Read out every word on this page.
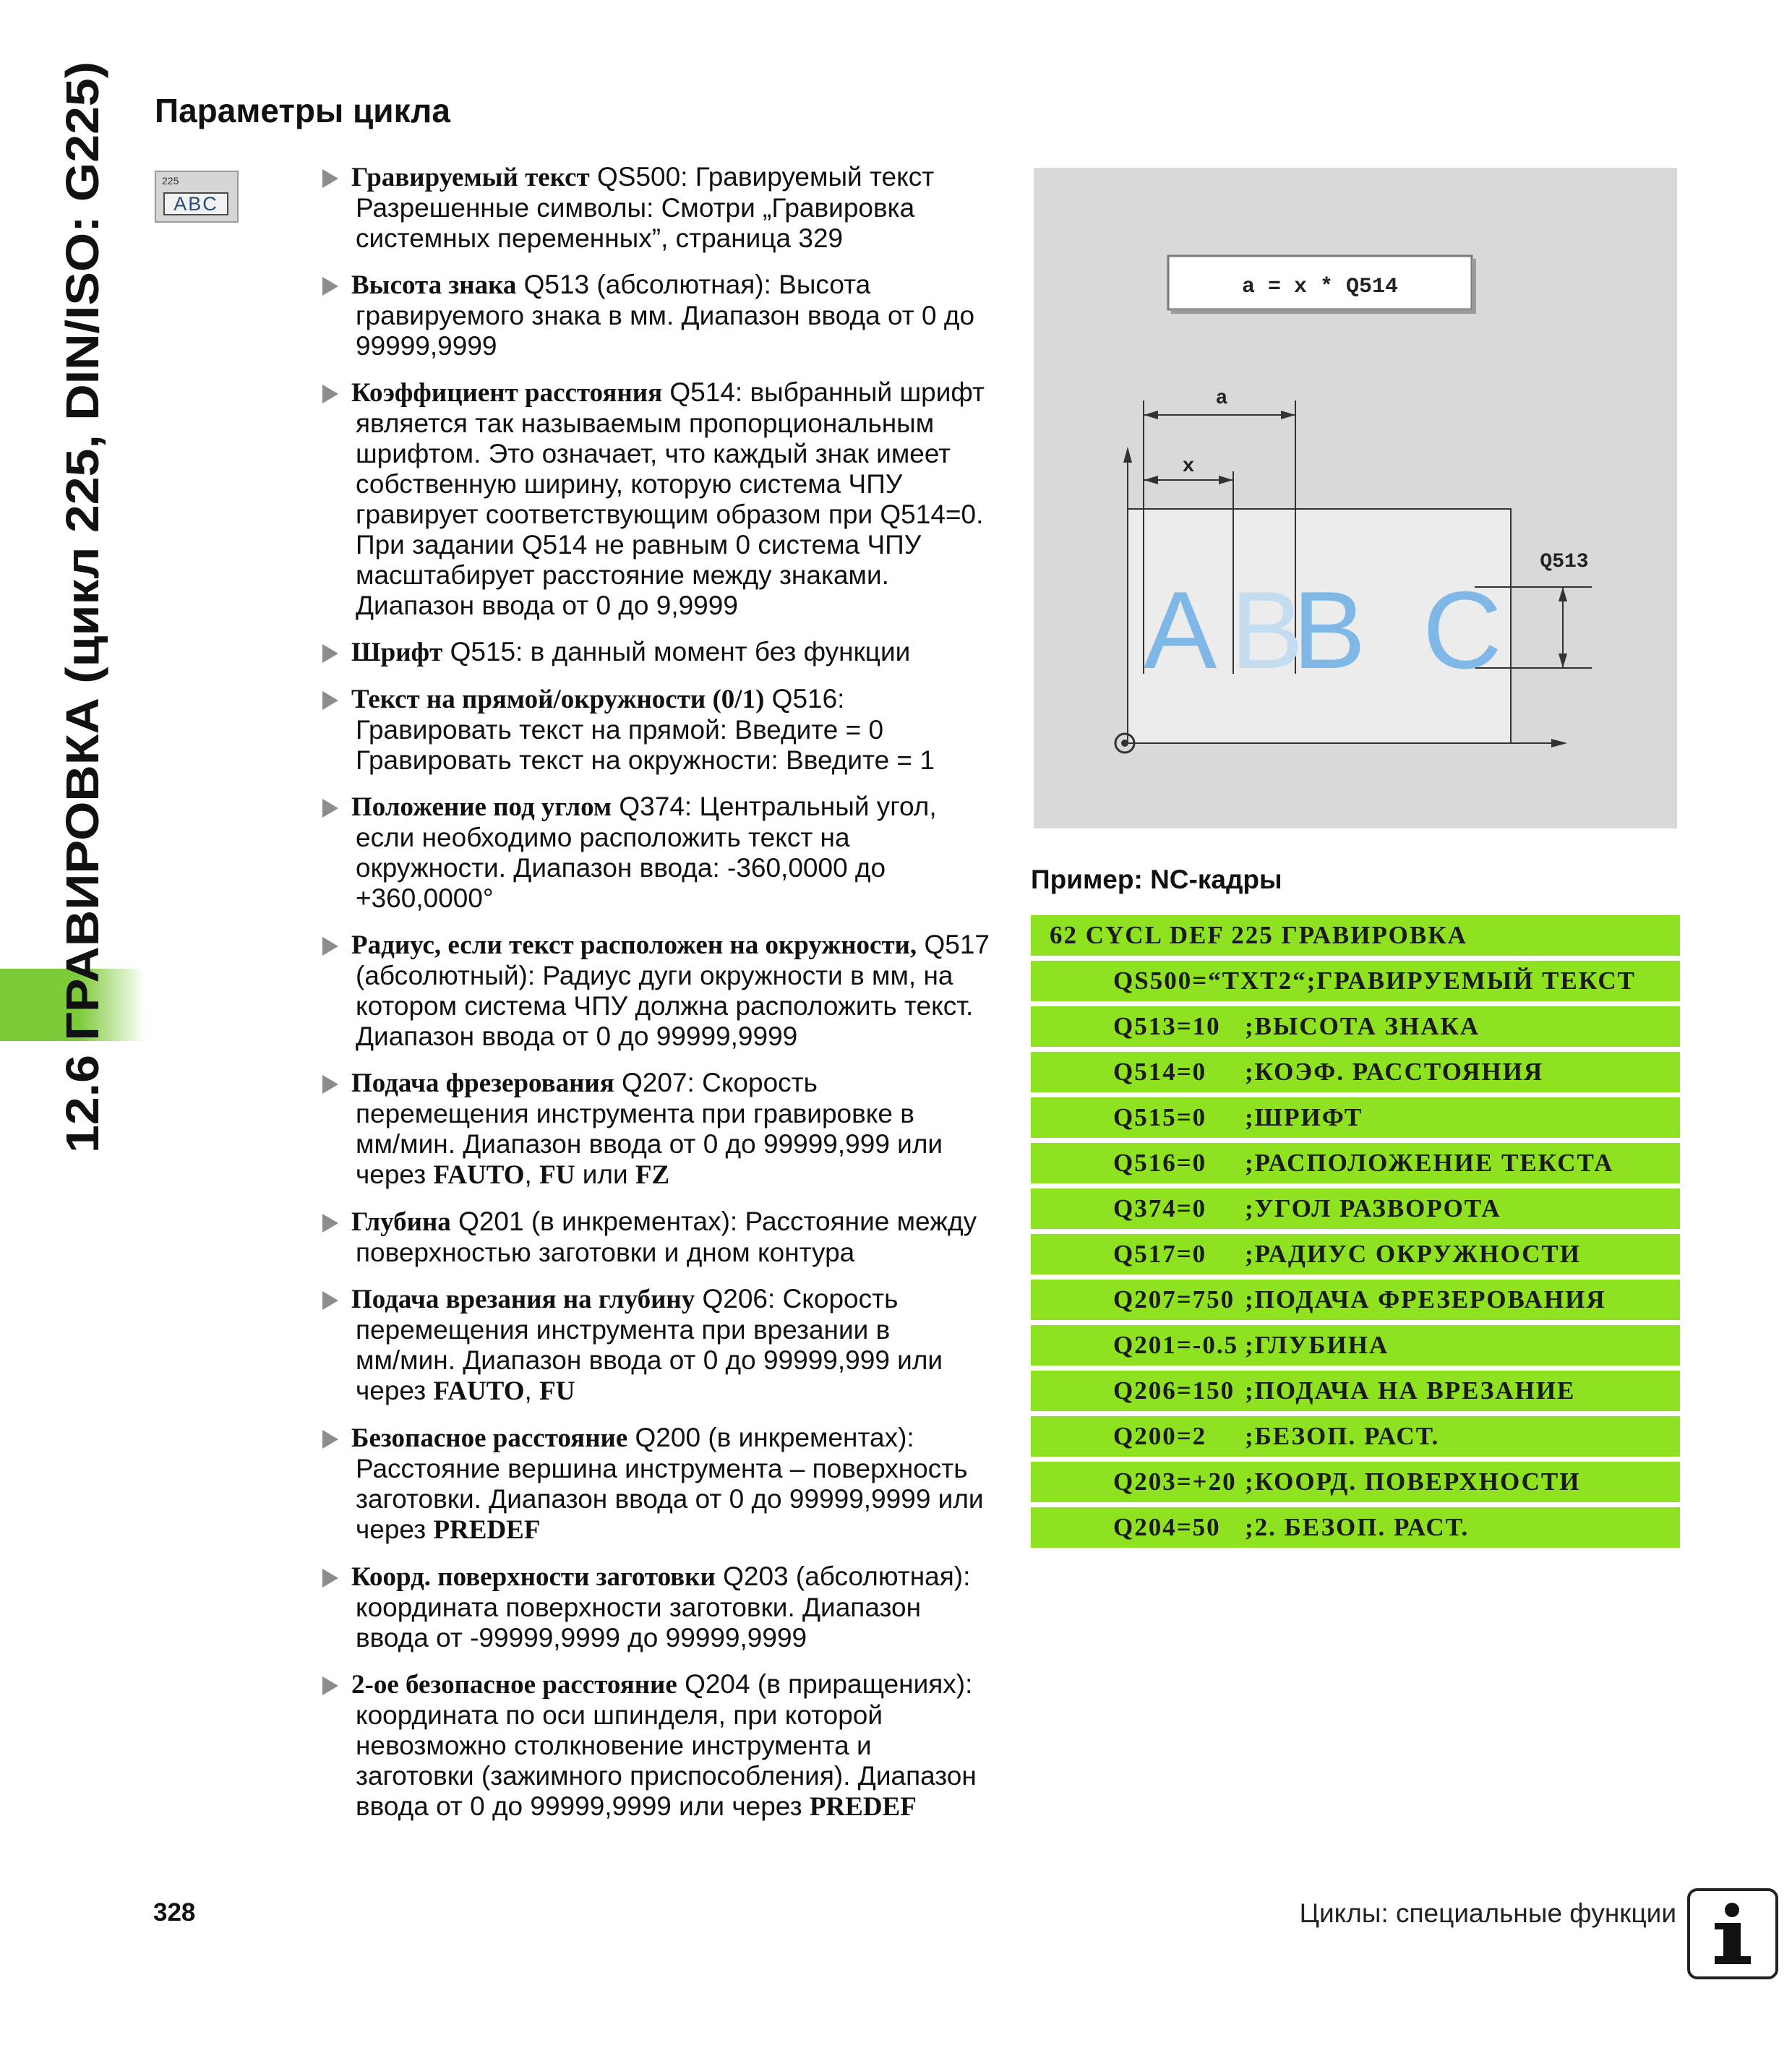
12.6 ГРАВИРОВКА (цикл 225, DIN/ISO: G225)
Параметры цикла
225
ABC
Гравируемый текст QS500: Гравируемый текст
Разрешенные символы: Смотри „Гравировка
системных переменных”, страница 329
Высота знака Q513 (абсолютная): Высота
гравируемого знака в мм. Диапазон ввода от 0 до
99999,9999
Коэффициент расстояния Q514: выбранный шрифт
является так называемым пропорциональным
шрифтом. Это означает, что каждый знак имеет
собственную ширину, которую система ЧПУ
гравирует соответствующим образом при Q514=0.
При задании Q514 не равным 0 система ЧПУ
масштабирует расстояние между знаками.
Диапазон ввода от 0 до 9,9999
Шрифт Q515: в данный момент без функции
Текст на прямой/окружности (0/1) Q516:
Гравировать текст на прямой: Введите = 0
Гравировать текст на окружности: Введите = 1
Положение под углом Q374: Центральный угол,
если необходимо расположить текст на
окружности. Диапазон ввода: -360,0000 до
+360,0000°
Радиус, если текст расположен на окружности, Q517
(абсолютный): Радиус дуги окружности в мм, на
котором система ЧПУ должна расположить текст.
Диапазон ввода от 0 до 99999,9999
Подача фрезерования Q207: Скорость
перемещения инструмента при гравировке в
мм/мин. Диапазон ввода от 0 до 99999,999 или
через FAUTO, FU или FZ
Глубина Q201 (в инкрементах): Расстояние между
поверхностью заготовки и дном контура
Подача врезания на глубину Q206: Скорость
перемещения инструмента при врезании в
мм/мин. Диапазон ввода от 0 до 99999,999 или
через FAUTO, FU
Безопасное расстояние Q200 (в инкрементах):
Расстояние вершина инструмента – поверхность
заготовки. Диапазон ввода от 0 до 99999,9999 или
через PREDEF
Коорд. поверхности заготовки Q203 (абсолютная):
координата поверхности заготовки. Диапазон
ввода от -99999,9999 до 99999,9999
2-ое безопасное расстояние Q204 (в приращениях):
координата по оси шпинделя, при которой
невозможно столкновение инструмента и
заготовки (зажимного приспособления). Диапазон
ввода от 0 до 99999,9999 или через PREDEF
a = x * Q514
a
x
Q513
A B
B C
Пример: NC-кадры
62 CYCL DEF 225 ГРАВИРОВКА
QS500=“TXT2“;ГРАВИРУЕМЫЙ ТЕКСТ
Q513=10 ;ВЫСОТА ЗНАКА
Q514=0 ;КОЭФ. РАССТОЯНИЯ
Q515=0 ;ШРИФТ
Q516=0 ;РАСПОЛОЖЕНИЕ ТЕКСТА
Q374=0 ;УГОЛ РАЗВОРОТА
Q517=0 ;РАДИУС ОКРУЖНОСТИ
Q207=750 ;ПОДАЧА ФРЕЗЕРОВАНИЯ
Q201=-0.5 ;ГЛУБИНА
Q206=150 ;ПОДАЧА НА ВРЕЗАНИЕ
Q200=2 ;БЕЗОП. РАСТ.
Q203=+20 ;КООРД. ПОВЕРХНОСТИ
Q204=50 ;2. БЕЗОП. РАСТ.
328	Циклы: специальные функции
